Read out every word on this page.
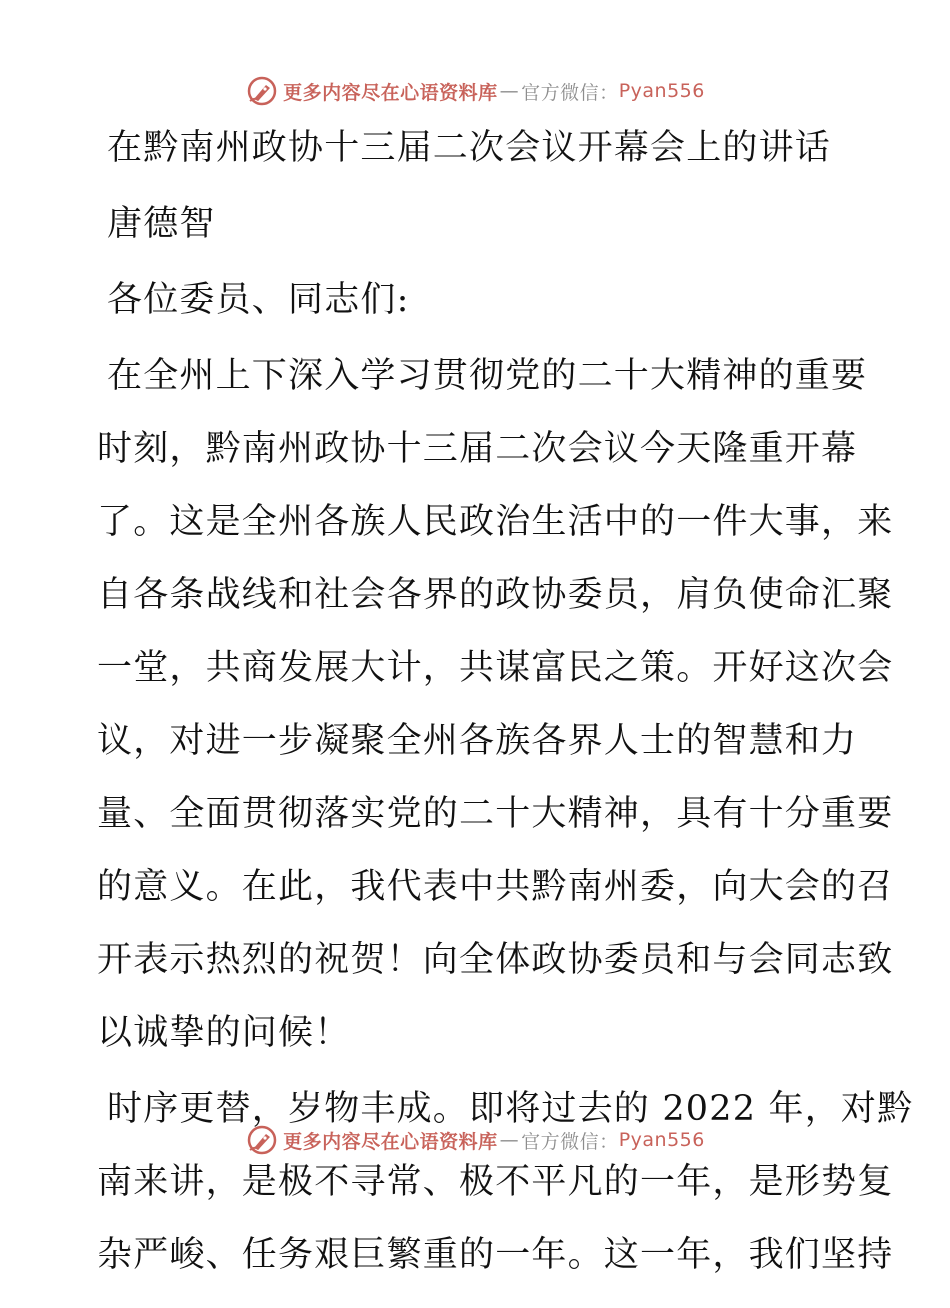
更多内容尽在心语资料库 — 官方微信： Pyan556
在黔南州政协十三届二次会议开幕会上的讲话
唐德智
各位委员、同志们:
在全州上下深入学习贯彻党的二十大精神的重要
时刻，黔南州政协十三届二次会议今天隆重开幕
了。这是全州各族人民政治生活中的一件大事，来
自各条战线和社会各界的政协委员，肩负使命汇聚
一堂，共商发展大计，共谋富民之策。开好这次会
议，对进一步凝聚全州各族各界人士的智慧和力
量、全面贯彻落实党的二十大精神，具有十分重要
的意义。在此，我代表中共黔南州委，向大会的召
开表示热烈的祝贺！向全体政协委员和与会同志致
以诚挚的问候！
时序更替，岁物丰成。即将过去的 2022 年，对黔
南来讲，是极不寻常、极不平凡的一年，是形势复
杂严峻、任务艰巨繁重的一年。这一年，我们坚持
更多内容尽在心语资料库 — 官方微信： Pyan556
